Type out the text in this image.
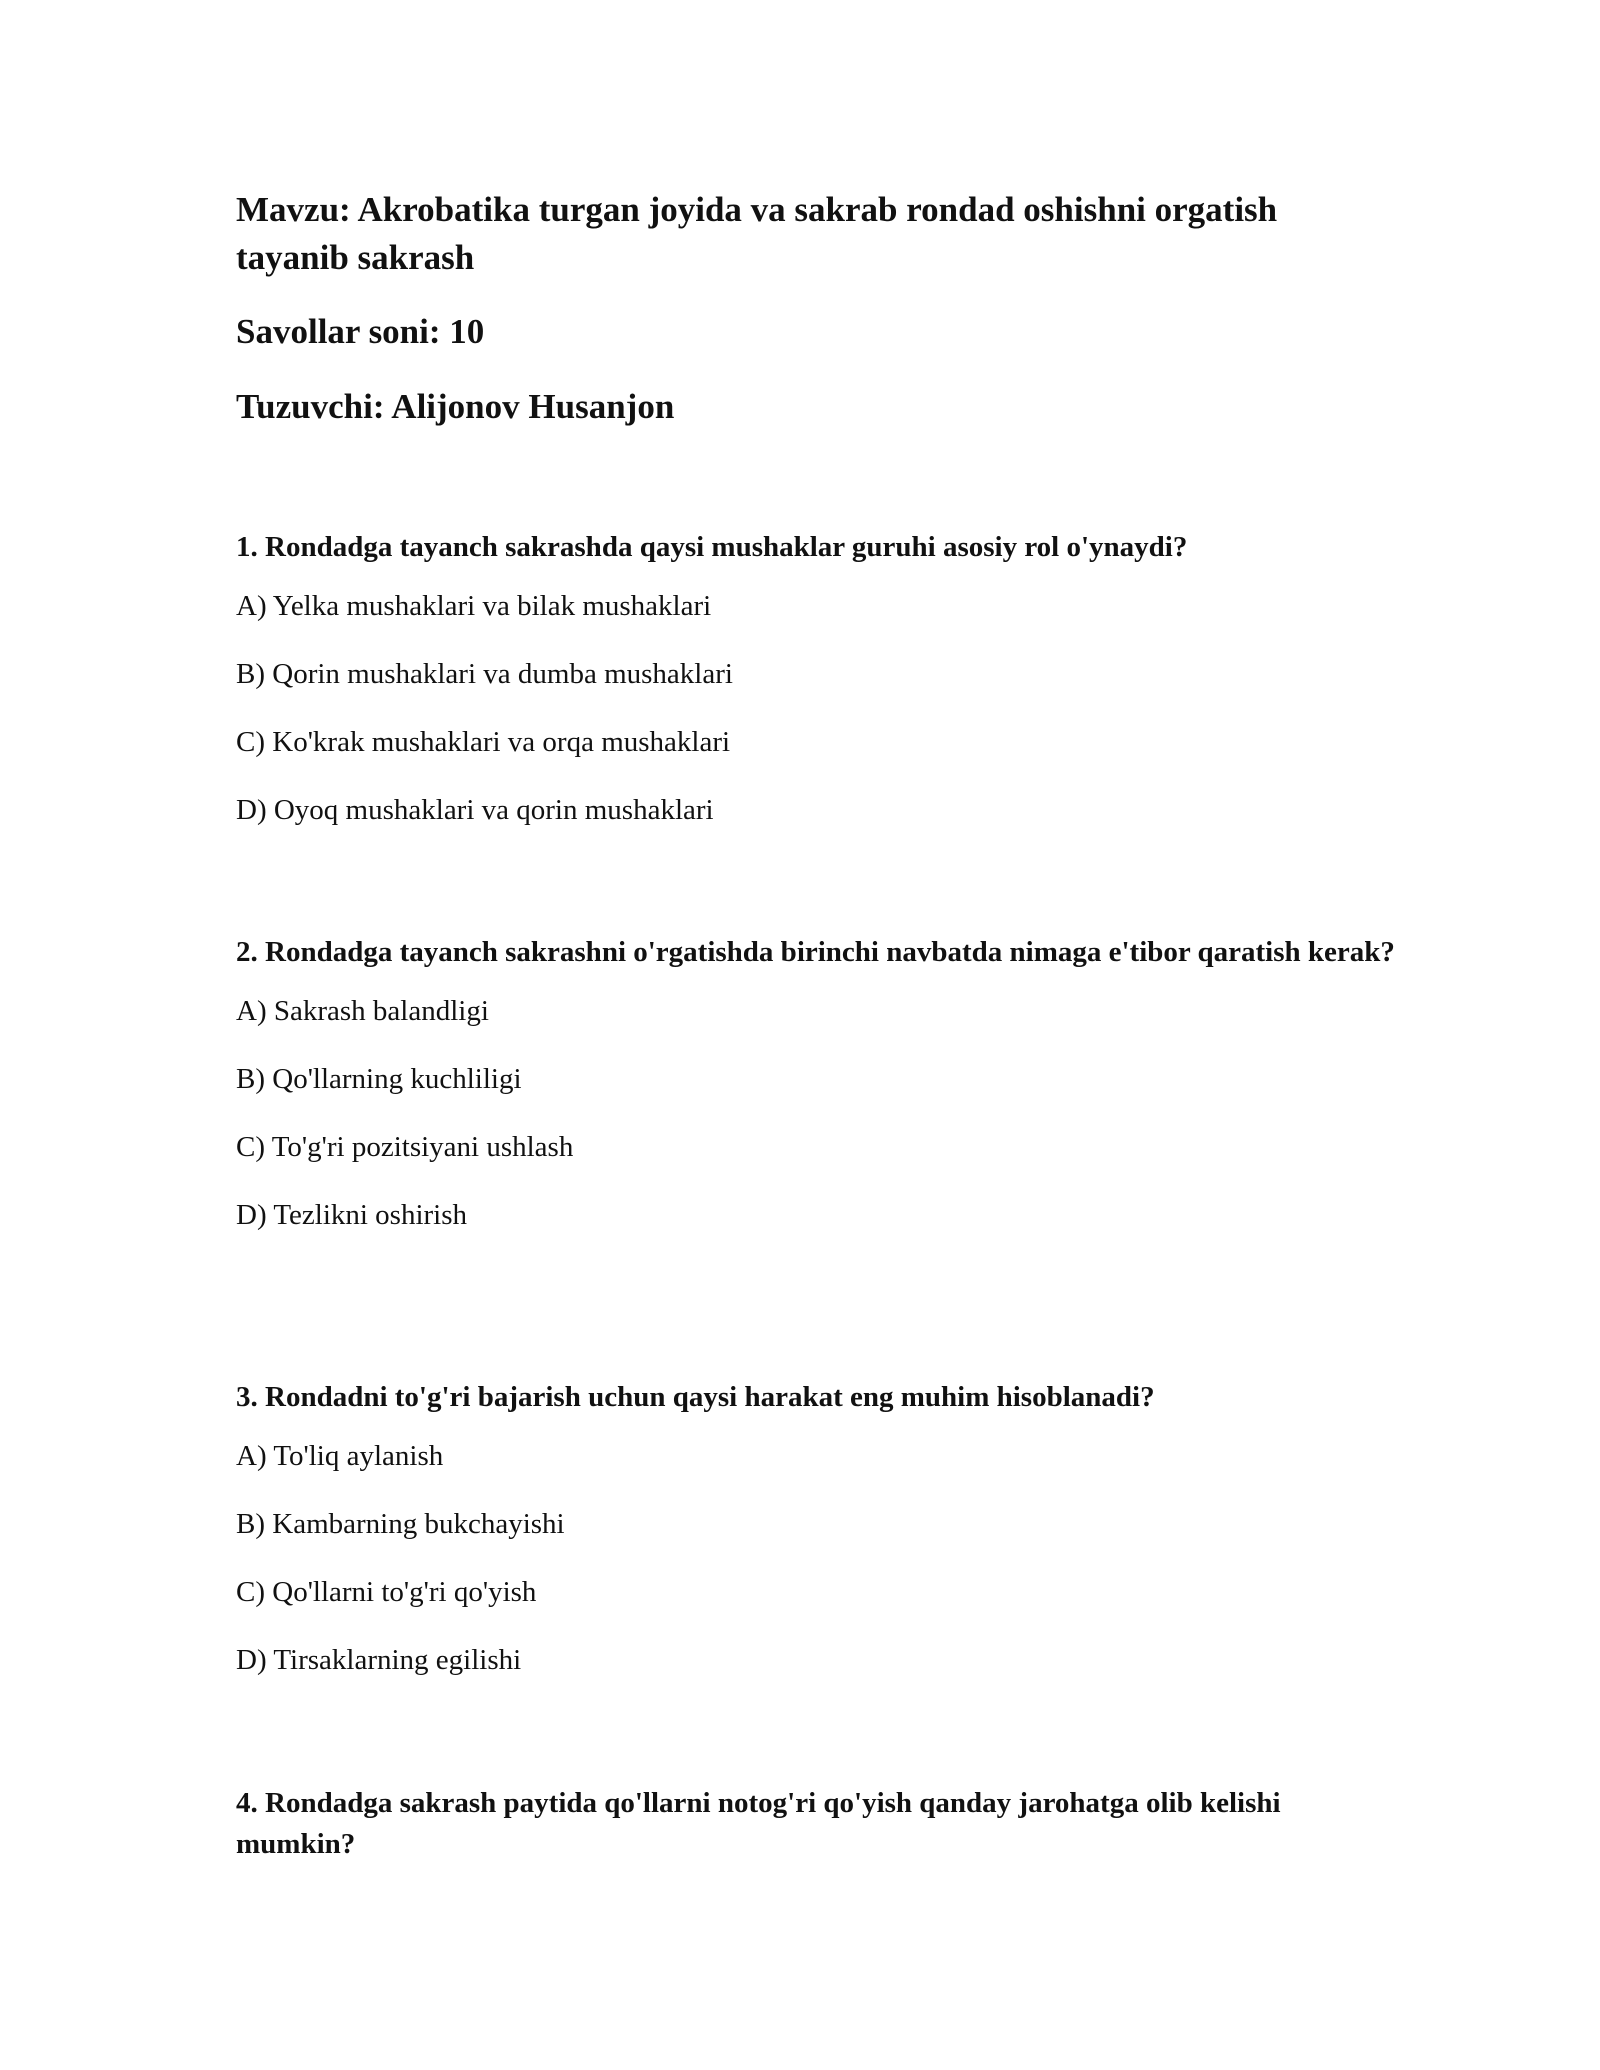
Mavzu: Akrobatika turgan joyida va sakrab rondad oshishni orgatish tayanib sakrash

Savollar soni: 10

Tuzuvchi: Alijonov Husanjon

1. Rondadga tayanch sakrashda qaysi mushaklar guruhi asosiy rol o'ynaydi?

A) Yelka mushaklari va bilak mushaklari
B) Qorin mushaklari va dumba mushaklari
C) Ko'krak mushaklari va orqa mushaklari
D) Oyoq mushaklari va qorin mushaklari

2. Rondadga tayanch sakrashni o'rgatishda birinchi navbatda nimaga e'tibor qaratish kerak?

A) Sakrash balandligi
B) Qo'llarning kuchliligi
C) To'g'ri pozitsiyani ushlash
D) Tezlikni oshirish

3. Rondadni to'g'ri bajarish uchun qaysi harakat eng muhim hisoblanadi?

A) To'liq aylanish
B) Kambarning bukchayishi
C) Qo'llarni to'g'ri qo'yish
D) Tirsaklarning egilishi

4. Rondadga sakrash paytida qo'llarni notog'ri qo'yish qanday jarohatga olib kelishi mumkin?
